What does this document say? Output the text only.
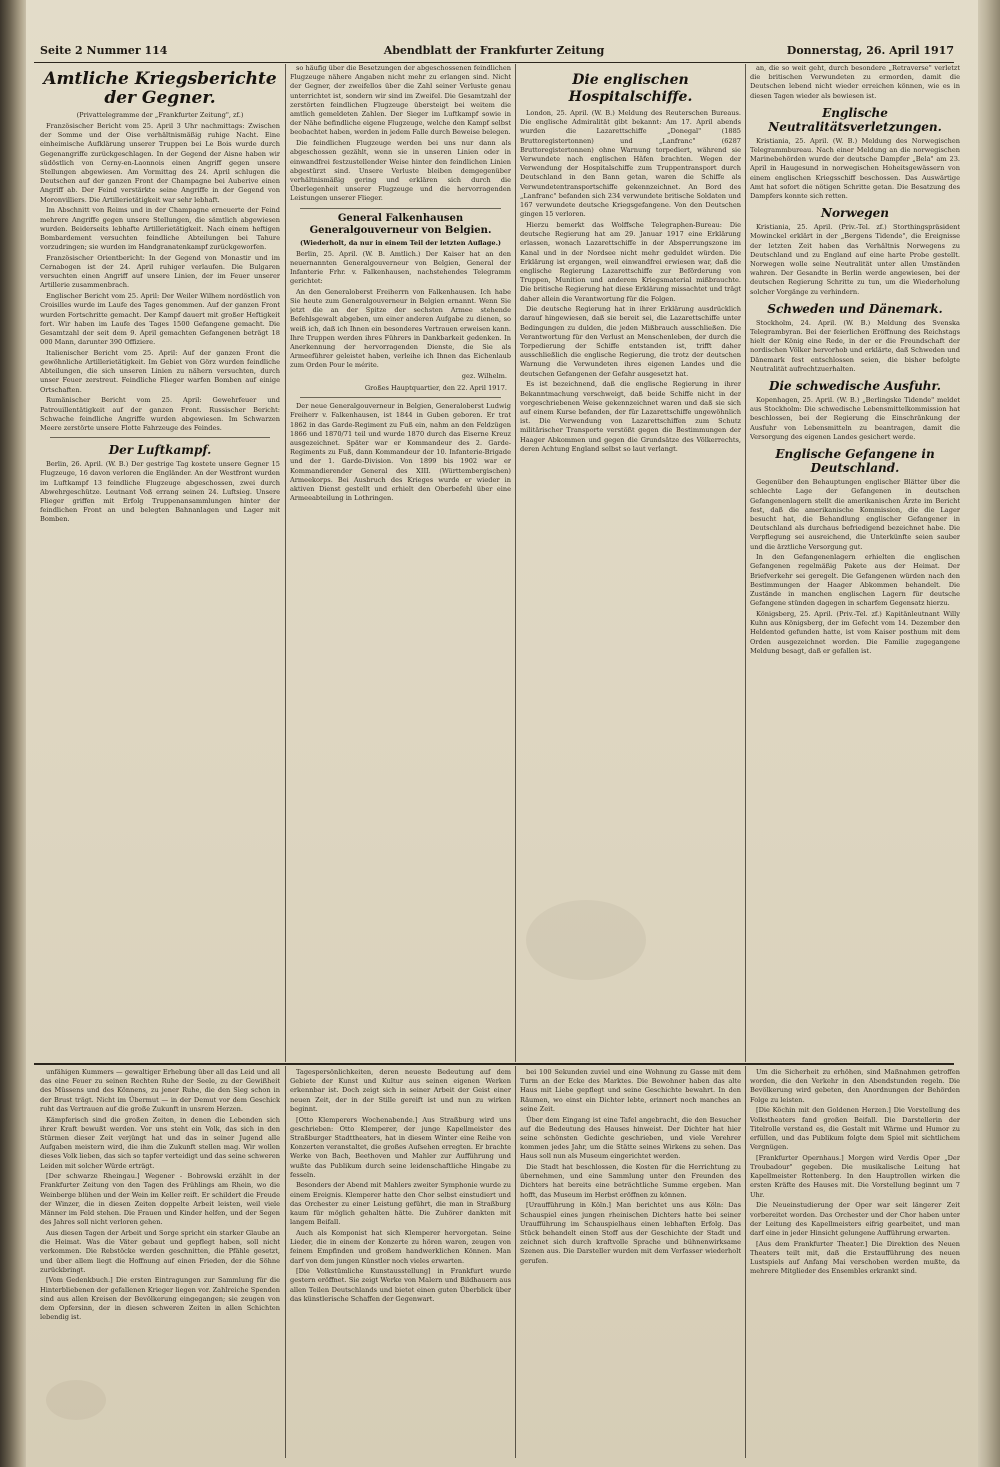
Seite 2 Nummer 114	Abendblatt der Frankfurter Zeitung	Donnerstag, 26. April 1917
Amtliche Kriegsberichte der Gegner.
(Privattelegramme der „Frankfurter Zeitung", zf.)

Französischer Bericht vom 25. April 3 Uhr nachmittags: Zwischen der Somme und der Oise verhältnismäßig ruhige Nacht. Eine einheimische Aufklärung unserer Truppen bei Le Bois wurde durch Gegenangriffe zurückgeschlagen. In der Gegend der Aisne haben wir südöstlich von Cerny-en-Laonnois einen Angriff gegen unsere Stellungen abgewiesen. Am Vormittag des 24. April schlugen die Deutschen auf der ganzen Front der Champagne bei Auberive einen Angriff ab. Der Feind verstärkte seine Angriffe in der Gegend von Moronvilliers. Die Artillerietätigkeit war sehr lebhaft.

Im Abschnitt von Reims und in der Champagne erneuerte der Feind mehrere Angriffe gegen unsere Stellungen, die sämtlich abgewiesen wurden. Beiderseits lebhafte Artillerietätigkeit. Nach einem heftigen Bombardement versuchten feindliche Abteilungen bei Tahure vorzudringen; sie wurden im Handgranatenkampf zurückgeworfen.

Französischer Orientbericht: In der Gegend von Monastir und im Cernabogen ist der 24. April ruhiger verlaufen. Die Bulgaren versuchten einen Angriff auf unsere Linien, der im Feuer unserer Artillerie zusammenbrach.

Englischer Bericht vom 25. April: Der Weiler Wilhem nordöstlich von Croisilles wurde im Laufe des Tages genommen. Auf der ganzen Front wurden Fortschritte gemacht. Der Kampf dauert mit großer Heftigkeit fort. Wir haben im Laufe des Tages 1500 Gefangene gemacht. Die Gesamtzahl der seit dem 9. April gemachten Gefangenen beträgt 18 000 Mann, darunter 390 Offiziere.

Italienischer Bericht vom 25. April: Auf der ganzen Front die gewöhnliche Artillerietätigkeit. Im Gebiet von Görz wurden feindliche Abteilungen, die sich unseren Linien zu nähern versuchten, durch unser Feuer zerstreut. Feindliche Flieger warfen Bomben auf einige Ortschaften.

Rumänischer Bericht vom 25. April: Gewehrfeuer und Patrouillentätigkeit auf der ganzen Front. Russischer Bericht: Schwache feindliche Angriffe wurden abgewiesen. Im Schwarzen Meere zerstörte unsere Flotte Fahrzeuge des Feindes.

Der Luftkampf.

Berlin, 26. April. (W. B.) Der gestrige Tag kostete unsere Gegner 15 Flugzeuge, 16 davon verloren die Engländer. An der Westfront wurden im Luftkampf 13 feindliche Flugzeuge abgeschossen, zwei durch Abwehrgeschütze. Leutnant Voß errang seinen 24. Luftsieg. Unsere Flieger griffen mit Erfolg Truppenansammlungen hinter der feindlichen Front an und belegten Bahnanlagen und Lager mit Bomben.

so häufig über die Besetzungen der abgeschossenen feindlichen Flugzeuge nähere Angaben nicht mehr zu erlangen sind. Nicht der Gegner, der zweifellos über die Zahl seiner Verluste genau unterrichtet ist, sondern wir sind im Zweifel. Die Gesamtzahl der zerstörten feindlichen Flugzeuge übersteigt bei weitem die amtlich gemeldeten Zahlen. Der Sieger im Luftkampf sowie in der Nähe befindliche eigene Flugzeuge, welche den Kampf selbst beobachtet haben, werden in jedem Falle durch Beweise belegen.

Die feindlichen Flugzeuge werden bei uns nur dann als abgeschossen gezählt, wenn sie in unseren Linien oder in einwandfrei festzustellender Weise hinter den feindlichen Linien abgestürzt sind. Unsere Verluste bleiben demgegenüber verhältnismäßig gering und erklären sich durch die Überlegenheit unserer Flugzeuge und die hervorragenden Leistungen unserer Flieger.

General Falkenhausen Generalgouverneur von Belgien.
(Wiederholt, da nur in einem Teil der letzten Auflage.)

Berlin, 25. April. (W. B. Amtlich.) Der Kaiser hat an den neuernannten Generalgouverneur von Belgien, General der Infanterie Frhr. v. Falkenhausen, nachstehendes Telegramm gerichtet:

An den Generaloberst Freiherrn von Falkenhausen. Ich habe Sie heute zum Generalgouverneur in Belgien ernannt. Wenn Sie jetzt die an der Spitze der sechsten Armee stehende Befehlsgewalt abgeben, um einer anderen Aufgabe zu dienen, so weiß ich, daß ich Ihnen ein besonderes Vertrauen erweisen kann. Ihre Truppen werden ihres Führers in Dankbarkeit gedenken. In Anerkennung der hervorragenden Dienste, die Sie als Armeeführer geleistet haben, verleihe ich Ihnen das Eichenlaub zum Orden Pour le mérite.

gez. Wilhelm.
Großes Hauptquartier, den 22. April 1917.

Der neue Generalgouverneur in Belgien, Generaloberst Ludwig Freiherr v. Falkenhausen, ist 1844 in Guben geboren. Er trat 1862 in das Garde-Regiment zu Fuß ein, nahm an den Feldzügen 1866 und 1870/71 teil und wurde 1870 durch das Eiserne Kreuz ausgezeichnet. Später war er Kommandeur des 2. Garde-Regiments zu Fuß, dann Kommandeur der 10. Infanterie-Brigade und der 1. Garde-Division. Von 1899 bis 1902 war er Kommandierender General des XIII. (Württembergischen) Armeekorps. Bei Ausbruch des Krieges wurde er wieder in aktiven Dienst gestellt und erhielt den Oberbefehl über eine Armeeabteilung in Lothringen.

Die englischen Hospitalschiffe.

London, 25. April. (W. B.) Meldung des Reuterschen Bureaus. Die englische Admiralität gibt bekannt: Am 17. April abends wurden die Lazarettschiffe „Donegal" (1885 Bruttoregistertonnen) und „Lanfranc" (6287 Bruttoregistertonnen) ohne Warnung torpediert, während sie Verwundete nach englischen Häfen brachten. Wegen der Verwendung der Hospitalschiffe zum Truppentransport durch Deutschland in den Bann getan, waren die Schiffe als Verwundetentransportschiffe gekennzeichnet. An Bord des „Lanfranc" befanden sich 234 verwundete britische Soldaten und 167 verwundete deutsche Kriegsgefangene. Von den Deutschen gingen 15 verloren.

Hierzu bemerkt das Wolffsche Telegraphen-Bureau: Die deutsche Regierung hat am 29. Januar 1917 eine Erklärung erlassen, wonach Lazarettschiffe in der Absperrungszone im Kanal und in der Nordsee nicht mehr geduldet würden. Die Erklärung ist ergangen, weil einwandfrei erwiesen war, daß die englische Regierung Lazarettschiffe zur Beförderung von Truppen, Munition und anderem Kriegsmaterial mißbrauchte. Die britische Regierung hat diese Erklärung missachtet und trägt daher allein die Verantwortung für die Folgen.

Die deutsche Regierung hat in ihrer Erklärung ausdrücklich darauf hingewiesen, daß sie bereit sei, die Lazarettschiffe unter Bedingungen zu dulden, die jeden Mißbrauch ausschließen. Die Verantwortung für den Verlust an Menschenleben, der durch die Torpedierung der Schiffe entstanden ist, trifft daher ausschließlich die englische Regierung, die trotz der deutschen Warnung die Verwundeten ihres eigenen Landes und die deutschen Gefangenen der Gefahr ausgesetzt hat.

Es ist bezeichnend, daß die englische Regierung in ihrer Bekanntmachung verschweigt, daß beide Schiffe nicht in der vorgeschriebenen Weise gekennzeichnet waren und daß sie sich auf einem Kurse befanden, der für Lazarettschiffe ungewöhnlich ist. Die Verwendung von Lazarettschiffen zum Schutz militärischer Transporte verstößt gegen die Bestimmungen der Haager Abkommen und gegen die Grundsätze des Völkerrechts, deren Achtung England selbst so laut verlangt.

an, die so weit geht, durch besondere „Retraverse" verletzt die britischen Verwundeten zu ermorden, damit die Deutschen lebend nicht wieder erreichen können, wie es in diesen Tagen wieder als bewiesen ist.

Englische Neutralitätsverletzungen.

Kristiania, 25. April. (W. B.) Meldung des Norwegischen Telegrammbureau. Nach einer Meldung an die norwegischen Marinebehörden wurde der deutsche Dampfer „Bela" am 23. April in Haugesund in norwegischen Hoheitsgewässern von einem englischen Kriegsschiff beschossen. Das Auswärtige Amt hat sofort die nötigen Schritte getan. Die Besatzung des Dampfers konnte sich retten.

Norwegen

Kristiania, 25. April. (Priv.-Tel. zf.) Storthingspräsident Mowinckel erklärt in der „Bergens Tidende", die Ereignisse der letzten Zeit haben das Verhältnis Norwegens zu Deutschland und zu England auf eine harte Probe gestellt. Norwegen wolle seine Neutralität unter allen Umständen wahren. Der Gesandte in Berlin werde angewiesen, bei der deutschen Regierung Schritte zu tun, um die Wiederholung solcher Vorgänge zu verhindern.

Schweden und Dänemark.

Stockholm, 24. April. (W. B.) Meldung des Svenska Telegrambyran. Bei der feierlichen Eröffnung des Reichstags hielt der König eine Rede, in der er die Freundschaft der nordischen Völker hervorhob und erklärte, daß Schweden und Dänemark fest entschlossen seien, die bisher befolgte Neutralität aufrechtzuerhalten.

Die schwedische Ausfuhr.

Kopenhagen, 25. April. (W. B.) „Berlingske Tidende" meldet aus Stockholm: Die schwedische Lebensmittelkommission hat beschlossen, bei der Regierung die Einschränkung der Ausfuhr von Lebensmitteln zu beantragen, damit die Versorgung des eigenen Landes gesichert werde.

Englische Gefangene in Deutschland.

Gegenüber den Behauptungen englischer Blätter über die schlechte Lage der Gefangenen in deutschen Gefangenenlagern stellt die amerikanischen Ärzte im Bericht fest, daß die amerikanische Kommission, die die Lager besucht hat, die Behandlung englischer Gefangener in Deutschland als durchaus befriedigend bezeichnet habe. Die Verpflegung sei ausreichend, die Unterkünfte seien sauber und die ärztliche Versorgung gut.

In den Gefangenenlagern erhielten die englischen Gefangenen regelmäßig Pakete aus der Heimat. Der Briefverkehr sei geregelt. Die Gefangenen würden nach den Bestimmungen der Haager Abkommen behandelt. Die Zustände in manchen englischen Lagern für deutsche Gefangene stünden dagegen in scharfem Gegensatz hierzu.

Königsberg, 25. April. (Priv.-Tel. zf.) Kapitänleutnant Willy Kuhn aus Königsberg, der im Gefecht vom 14. Dezember den Heldentod gefunden hatte, ist vom Kaiser posthum mit dem Orden ausgezeichnet worden. Die Familie zugegangene Meldung besagt, daß er gefallen ist.

unfähigen Kummers — gewaltiger Erhebung über all das Leid und all das eine Feuer zu seinen Rechten Ruhe der Seele, zu der Gewißheit des Müssens und des Könnens, zu jener Ruhe, die den Sieg schon in der Brust trägt. Nicht im Übermut — in der Demut vor dem Geschick ruht das Vertrauen auf die große Zukunft in unsrem Herzen.

Kämpferisch sind die großen Zeiten, in denen die Lebenden sich ihrer Kraft bewußt werden. Vor uns steht ein Volk, das sich in den Stürmen dieser Zeit verjüngt hat und das in seiner Jugend alle Aufgaben meistern wird, die ihm die Zukunft stellen mag. Wir wollen dieses Volk lieben, das sich so tapfer verteidigt und das seine schweren Leiden mit solcher Würde erträgt.

[Der schwarze Rheingau.] Wegener - Bobrowski erzählt in der Frankfurter Zeitung von den Tagen des Frühlings am Rhein, wo die Weinberge blühen und der Wein im Keller reift. Er schildert die Freude der Winzer, die in diesen Zeiten doppelte Arbeit leisten, weil viele Männer im Feld stehen. Die Frauen und Kinder helfen, und der Segen des Jahres soll nicht verloren gehen.

Aus diesen Tagen der Arbeit und Sorge spricht ein starker Glaube an die Heimat. Was die Väter gebaut und gepflegt haben, soll nicht verkommen. Die Rebstöcke werden geschnitten, die Pfähle gesetzt, und über allem liegt die Hoffnung auf einen Frieden, der die Söhne zurückbringt.

[Vom Gedenkbuch.] Die ersten Eintragungen zur Sammlung für die Hinterbliebenen der gefallenen Krieger liegen vor. Zahlreiche Spenden sind aus allen Kreisen der Bevölkerung eingegangen; sie zeugen von dem Opfersinn, der in diesen schweren Zeiten in allen Schichten lebendig ist.

Tagespersönlichkeiten, deren neueste Bedeutung auf dem Gebiete der Kunst und Kultur aus seinen eigenen Werken erkennbar ist. Doch zeigt sich in seiner Arbeit der Geist einer neuen Zeit, der in der Stille gereift ist und nun zu wirken beginnt.

[Otto Klemperers Wochenabende.] Aus Straßburg wird uns geschrieben: Otto Klemperer, der junge Kapellmeister des Straßburger Stadttheaters, hat in diesem Winter eine Reihe von Konzerten veranstaltet, die großes Aufsehen erregten. Er brachte Werke von Bach, Beethoven und Mahler zur Aufführung und wußte das Publikum durch seine leidenschaftliche Hingabe zu fesseln.

Besonders der Abend mit Mahlers zweiter Symphonie wurde zu einem Ereignis. Klemperer hatte den Chor selbst einstudiert und das Orchester zu einer Leistung geführt, die man in Straßburg kaum für möglich gehalten hätte. Die Zuhörer dankten mit langem Beifall.

Auch als Komponist hat sich Klemperer hervorgetan. Seine Lieder, die in einem der Konzerte zu hören waren, zeugen von feinem Empfinden und großem handwerklichen Können. Man darf von dem jungen Künstler noch vieles erwarten.

[Die Volkstümliche Kunstausstellung] in Frankfurt wurde gestern eröffnet. Sie zeigt Werke von Malern und Bildhauern aus allen Teilen Deutschlands und bietet einen guten Überblick über das künstlerische Schaffen der Gegenwart.

bei 100 Sekunden zuviel und eine Wohnung zu Gasse mit dem Turm an der Ecke des Marktes. Die Bewohner haben das alte Haus mit Liebe gepflegt und seine Geschichte bewahrt. In den Räumen, wo einst ein Dichter lebte, erinnert noch manches an seine Zeit.

Über dem Eingang ist eine Tafel angebracht, die den Besucher auf die Bedeutung des Hauses hinweist. Der Dichter hat hier seine schönsten Gedichte geschrieben, und viele Verehrer kommen jedes Jahr, um die Stätte seines Wirkens zu sehen. Das Haus soll nun als Museum eingerichtet werden.

Die Stadt hat beschlossen, die Kosten für die Herrichtung zu übernehmen, und eine Sammlung unter den Freunden des Dichters hat bereits eine beträchtliche Summe ergeben. Man hofft, das Museum im Herbst eröffnen zu können.

[Uraufführung in Köln.] Man berichtet uns aus Köln: Das Schauspiel eines jungen rheinischen Dichters hatte bei seiner Uraufführung im Schauspielhaus einen lebhaften Erfolg. Das Stück behandelt einen Stoff aus der Geschichte der Stadt und zeichnet sich durch kraftvolle Sprache und bühnenwirksame Szenen aus. Die Darsteller wurden mit dem Verfasser wiederholt gerufen.

Um die Sicherheit zu erhöhen, sind Maßnahmen getroffen worden, die den Verkehr in den Abendstunden regeln. Die Bevölkerung wird gebeten, den Anordnungen der Behörden Folge zu leisten.

[Die Köchin mit den Goldenen Herzen.] Die Vorstellung des Volkstheaters fand großen Beifall. Die Darstellerin der Titelrolle verstand es, die Gestalt mit Wärme und Humor zu erfüllen, und das Publikum folgte dem Spiel mit sichtlichem Vergnügen.

[Frankfurter Opernhaus.] Morgen wird Verdis Oper „Der Troubadour" gegeben. Die musikalische Leitung hat Kapellmeister Rottenberg. In den Hauptrollen wirken die ersten Kräfte des Hauses mit. Die Vorstellung beginnt um 7 Uhr.

Die Neueinstudierung der Oper war seit längerer Zeit vorbereitet worden. Das Orchester und der Chor haben unter der Leitung des Kapellmeisters eifrig gearbeitet, und man darf eine in jeder Hinsicht gelungene Aufführung erwarten.

[Aus dem Frankfurter Theater.] Die Direktion des Neuen Theaters teilt mit, daß die Erstaufführung des neuen Lustspiels auf Anfang Mai verschoben werden mußte, da mehrere Mitglieder des Ensembles erkrankt sind.
